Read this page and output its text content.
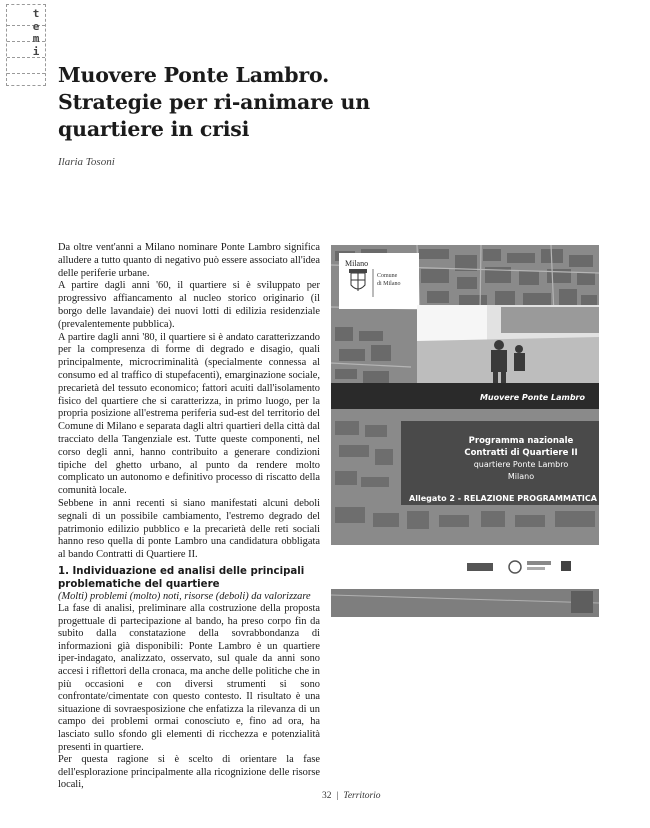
t
e
m
i
Muovere Ponte Lambro. Strategie per ri-animare un quartiere in crisi

Ilaria Tosoni

Da oltre vent'anni a Milano nominare Ponte Lambro significa alludere a tutto quanto di negativo può essere associato all'idea delle periferie urbane.
A partire dagli anni '60, il quartiere si è sviluppato per progressivo affiancamento al nucleo storico originario (il borgo delle lavandaie) dei nuovi lotti di edilizia residenziale (prevalentemente pubblica).
A partire dagli anni '80, il quartiere si è andato caratterizzando per la compresenza di forme di degrado e disagio, quali principalmente, microcriminalità (specialmente connessa al consumo ed al traffico di stupefacenti), emarginazione sociale, precarietà del tessuto economico; fattori acuiti dall'isolamento fisico del quartiere che si caratterizza, in primo luogo, per la propria posizione all'estrema periferia sud-est del territorio del Comune di Milano e separata dagli altri quartieri della città dal tracciato della Tangenziale est. Tutte queste componenti, nel corso degli anni, hanno contribuito a generare condizioni tipiche del ghetto urbano, al punto da rendere molto complicato un autonomo e definitivo processo di riscatto della comunità locale.
Sebbene in anni recenti si siano manifestati alcuni deboli segnali di un possibile cambiamento, l'estremo degrado del patrimonio edilizio pubblico e la precarietà delle reti sociali hanno reso quella di ponte Lambro una candidatura obbligata al bando Contratti di Quartiere II.

1. Individuazione ed analisi delle principali problematiche del quartiere

(Molti) problemi (molto) noti, risorse (deboli) da valorizzare

La fase di analisi, preliminare alla costruzione della proposta progettuale di partecipazione al bando, ha preso corpo fin da subito dalla constatazione della sovrabbondanza di informazioni già disponibili: Ponte Lambro è un quartiere iper-indagato, analizzato, osservato, sul quale da anni sono accesi i riflettori della cronaca, ma anche delle politiche che in più occasioni e con diversi strumenti si sono confrontate/cimentate con questo contesto. Il risultato è una situazione di sovraesposizione che enfatizza la rilevanza di un campo dei problemi ormai conosciuto e, fino ad ora, ha lasciato sullo sfondo gli elementi di ricchezza e potenzialità presenti in quartiere.
Per questa ragione si è scelto di orientare la fase dell'esplorazione principalmente alla ricognizione delle risorse locali,
Milano
Comune
di Milano
Muovere Ponte Lambro
Programma nazionale
Contratti di Quartiere II
quartiere Ponte Lambro
Milano
Allegato 2 - RELAZIONE PROGRAMMATICA
32 | Territorio
